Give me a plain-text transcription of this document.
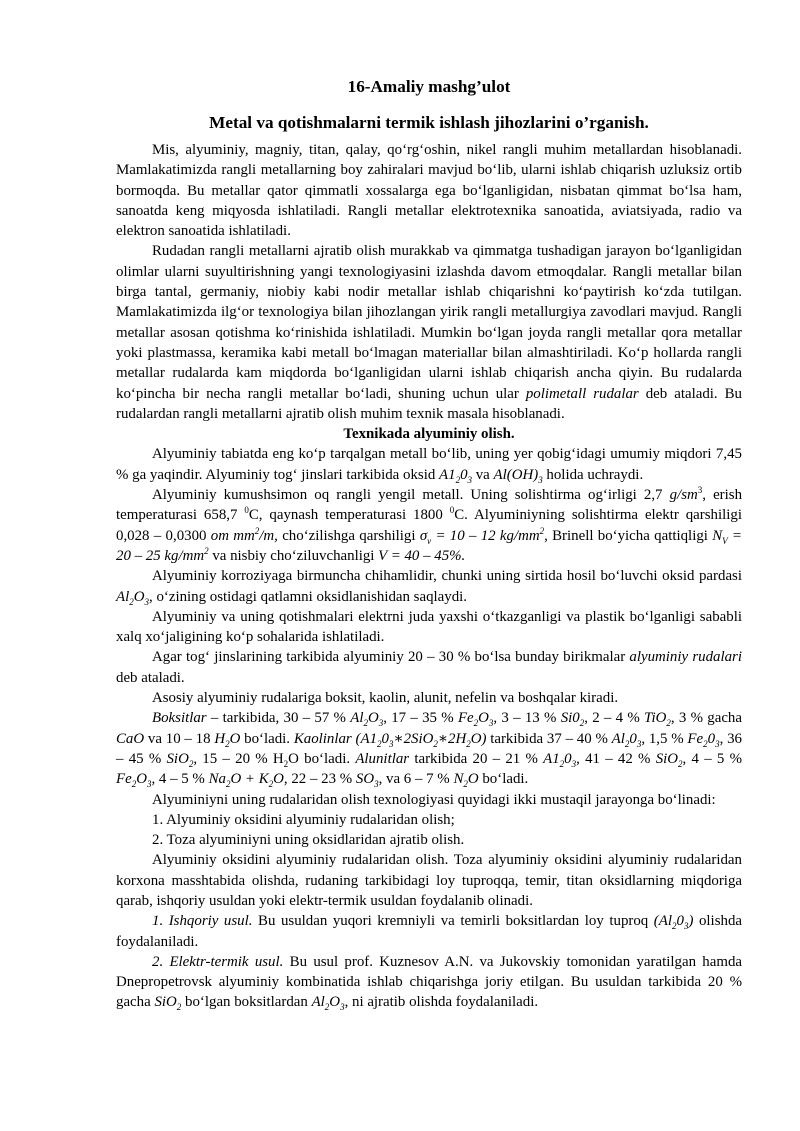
16-Amaliy mashg’ulot
Metal va qotishmalarni termik ishlash jihozlarini o’rganish.

Mis, alyuminiy, magniy, titan, qalay, qo‘rg‘oshin, nikel rangli muhim metallardan hisoblanadi. Mamlakatimizda rangli metallarning boy zahiralari mavjud bo‘lib, ularni ishlab chiqarish uzluksiz ortib bormoqda. Bu metallar qator qimmatli xossalarga ega bo‘lganligidan, nisbatan qimmat bo‘lsa ham, sanoatda keng miqyosda ishlatiladi. Rangli metallar elektrotexnika sanoatida, aviatsiyada, radio va elektron sanoatida ishlatiladi.

Rudadan rangli metallarni ajratib olish murakkab va qimmatga tushadigan jarayon bo‘lganligidan olimlar ularni suyultirishning yangi texnologiyasini izlashda davom etmoqdalar. Rangli metallar bilan birga tantal, germaniy, niobiy kabi nodir metallar ishlab chiqarishni ko‘paytirish ko‘zda tutilgan. Mamlakatimizda ilg‘or texnologiya bilan jihozlangan yirik rangli metallurgiya zavodlari mavjud. Rangli metallar asosan qotishma ko‘rinishida ishlatiladi. Mumkin bo‘lgan joyda rangli metallar qora metallar yoki plastmassa, keramika kabi metall bo‘lmagan materiallar bilan almashtiriladi. Ko‘p hollarda rangli metallar rudalarda kam miqdorda bo‘lganligidan ularni ishlab chiqarish ancha qiyin. Bu rudalarda ko‘pincha bir necha rangli metallar bo‘ladi, shuning uchun ular polimetall rudalar deb ataladi. Bu rudalardan rangli metallarni ajratib olish muhim texnik masala hisoblanadi.

Texnikada alyuminiy olish.

Alyuminiy tabiatda eng ko‘p tarqalgan metall bo‘lib, uning yer qobig‘idagi umumiy miqdori 7,45 % ga yaqindir. Alyuminiy tog‘ jinslari tarkibida oksid $A1_20_3$ va $Al(OH)_3$ holida uchraydi.

Alyuminiy kumushsimon oq rangli yengil metall. Uning solishtirma og‘irligi 2,7 $g/sm^3$, erish temperaturasi 658,7 $^0$C, qaynash temperaturasi 1800 $^0$C. Alyuminiyning solishtirma elektr qarshiligi 0,028 – 0,0300 om $mm^2/m$, cho‘zilishga qarshiligi $\sigma_v = 10 - 12$ $kg/mm^2$, Brinell bo‘yicha qattiqligi $N_V = 20 - 25$ $kg/mm^2$ va nisbiy cho‘ziluvchanligi V = 40 – 45%.

Alyuminiy korroziyaga birmuncha chihamlidir, chunki uning sirtida hosil bo‘luvchi oksid pardasi $Al_2O_3$, o‘zining ostidagi qatlamni oksidlanishidan saqlaydi.

Alyuminiy va uning qotishmalari elektrni juda yaxshi o‘tkazganligi va plastik bo‘lganligi sababli xalq xo‘jaligining ko‘p sohalarida ishlatiladi.

Agar tog‘ jinslarining tarkibida alyuminiy 20 – 30 % bo‘lsa bunday birikmalar alyuminiy rudalari deb ataladi.

Asosiy alyuminiy rudalariga boksit, kaolin, alunit, nefelin va boshqalar kiradi.

Boksitlar – tarkibida, 30 – 57 % $Al_2O_3$, 17 – 35 % $Fe_2O_3$, 3 – 13 % $Si0_2$, 2 – 4 % TiO$_2$, 3 % gacha CaO va 10 – 18 $H_2O$ bo‘ladi. Kaolinlar $(A1_20_3∗2SiO_2∗2H_2O)$ tarkibida 37 – 40 % $Al_20_3$, 1,5 % $Fe_20_3$, 36 – 45 % SiO$_2$, 15 – 20 % $H_2O$ bo‘ladi. Alunitlar tarkibida 20 – 21 % $A1_20_3$, 41 – 42 % SiO$_2$, 4 – 5 % $Fe_2O_3$, 4 – 5 % $Na_2O + K_2O$, 22 – 23 % $SO_3$, va 6 – 7 % $N_2O$ bo‘ladi.

Alyuminiyni uning rudalaridan olish texnologiyasi quyidagi ikki mustaqil jarayonga bo‘linadi:

1. Alyuminiy oksidini alyuminiy rudalaridan olish;

2. Toza alyuminiyni uning oksidlaridan ajratib olish.

Alyuminiy oksidini alyuminiy rudalaridan olish. Toza alyuminiy oksidini alyuminiy rudalaridan korxona masshtabida olishda, rudaning tarkibidagi loy tuproqqa, temir, titan oksidlarning miqdoriga qarab, ishqoriy usuldan yoki elektr-termik usuldan foydalanib olinadi.

1. Ishqoriy usul. Bu usuldan yuqori kremniyli va temirli boksitlardan loy tuproq $(Al_20_3)$ olishda foydalaniladi.

2. Elektr-termik usul. Bu usul prof. Kuznesov A.N. va Jukovskiy tomonidan yaratilgan hamda Dnepropetrovsk alyuminiy kombinatida ishlab chiqarishga joriy etilgan. Bu usuldan tarkibida 20 % gacha SiO$_2$ bo‘lgan boksitlardan $Al_2O_3$, ni ajratib olishda foydalaniladi.
